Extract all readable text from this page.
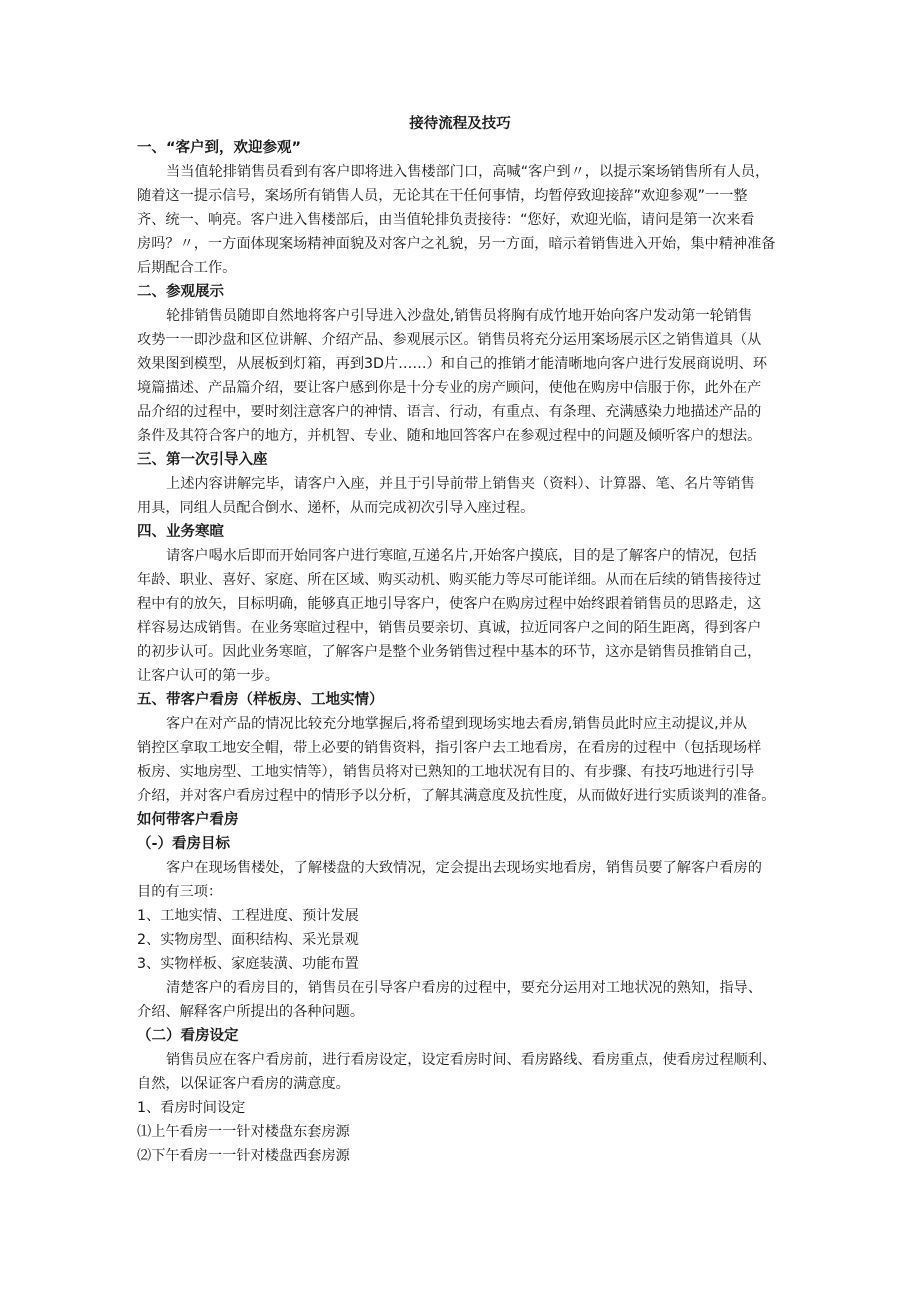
接待流程及技巧
一、“客户到，欢迎参观”
当当值轮排销售员看到有客户即将进入售楼部门口，高喊“客户到〃，以提示案场销售所有人员，
随着这一提示信号，案场所有销售人员，无论其在干任何事情，均暂停致迎接辞”欢迎参观”一一整
齐、统一、响亮。客户进入售楼部后，由当值轮排负责接待：“您好，欢迎光临，请问是第一次来看
房吗？〃，一方面体现案场精神面貌及对客户之礼貌，另一方面，暗示着销售进入开始，集中精神准备
后期配合工作。
二、参观展示
轮排销售员随即自然地将客户引导进入沙盘处,销售员将胸有成竹地开始向客户发动第一轮销售
攻势一一即沙盘和区位讲解、介绍产品、参观展示区。销售员将充分运用案场展示区之销售道具（从
效果图到模型，从展板到灯箱，再到3D片……）和自己的推销才能清晰地向客户进行发展商说明、环
境篇描述、产品篇介绍，要让客户感到你是十分专业的房产顾问，使他在购房中信服于你，此外在产
品介绍的过程中，要时刻注意客户的神情、语言、行动，有重点、有条理、充满感染力地描述产品的
条件及其符合客户的地方，并机智、专业、随和地回答客户在参观过程中的问题及倾听客户的想法。
三、第一次引导入座
上述内容讲解完毕，请客户入座，并且于引导前带上销售夹（资料）、计算器、笔、名片等销售
用具，同组人员配合倒水、递杯，从而完成初次引导入座过程。
四、业务寒暄
请客户喝水后即而开始同客户进行寒暄,互递名片,开始客户摸底，目的是了解客户的情况，包括
年龄、职业、喜好、家庭、所在区域、购买动机、购买能力等尽可能详细。从而在后续的销售接待过
程中有的放矢，目标明确，能够真正地引导客户，使客户在购房过程中始终跟着销售员的思路走，这
样容易达成销售。在业务寒暄过程中，销售员要亲切、真诚，拉近同客户之间的陌生距离，得到客户
的初步认可。因此业务寒暄，了解客户是整个业务销售过程中基本的环节，这亦是销售员推销自己，
让客户认可的第一步。
五、带客户看房（样板房、工地实情）
客户在对产品的情况比较充分地掌握后,将希望到现场实地去看房,销售员此时应主动提议,并从
销控区拿取工地安全帽，带上必要的销售资料，指引客户去工地看房，在看房的过程中（包括现场样
板房、实地房型、工地实情等），销售员将对已熟知的工地状况有目的、有步骤、有技巧地进行引导
介绍，并对客户看房过程中的情形予以分析，了解其满意度及抗性度，从而做好进行实质谈判的准备。
如何带客户看房
（-）看房目标
客户在现场售楼处，了解楼盘的大致情况，定会提出去现场实地看房，销售员要了解客户看房的
目的有三项：
1、工地实情、工程进度、预计发展
2、实物房型、面积结构、采光景观
3、实物样板、家庭装潢、功能布置
清楚客户的看房目的，销售员在引导客户看房的过程中，要充分运用对工地状况的熟知，指导、
介绍、解释客户所提出的各种问题。
（二）看房设定
销售员应在客户看房前，进行看房设定，设定看房时间、看房路线、看房重点，使看房过程顺利、
自然，以保证客户看房的满意度。
1、看房时间设定
⑴上午看房一一针对楼盘东套房源
⑵下午看房一一针对楼盘西套房源
